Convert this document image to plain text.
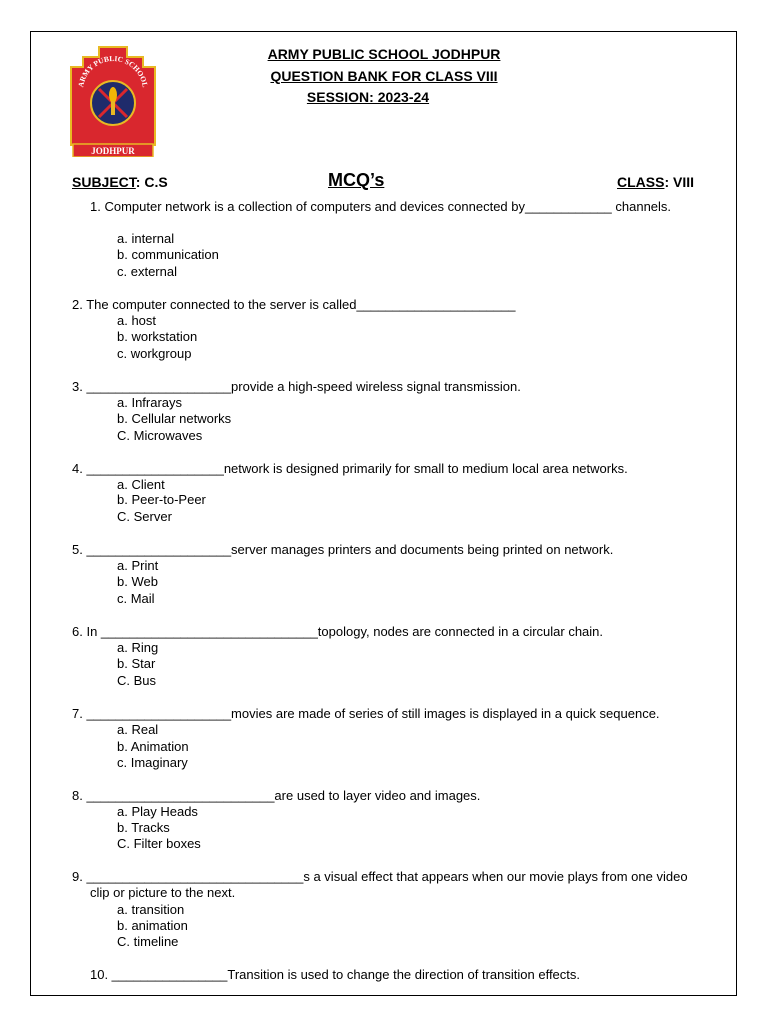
ARMY PUBLIC SCHOOL
JODHPUR
ARMY PUBLIC SCHOOL JODHPUR
QUESTION BANK FOR CLASS VIII
SESSION: 2023-24
SUBJECT: C.S	MCQ’s	CLASS: VIII
1. Computer network is a collection of computers and devices connected by____________ channels.
a. internal
b. communication
c. external
2. The computer connected to the server is called______________________
a. host
b. workstation
c. workgroup
3. ____________________provide a high-speed wireless signal transmission.
a. Infrarays
b. Cellular networks
C. Microwaves
4. ___________________network is designed primarily for small to medium local area networks.
a. Client
b. Peer-to-Peer
C. Server
5. ____________________server manages printers and documents being printed on network.
a. Print
b. Web
c. Mail
6. In ______________________________topology, nodes are connected in a circular chain.
a. Ring
b. Star
C. Bus
7. ____________________movies are made of series of still images is displayed in a quick sequence.
a. Real
b. Animation
c. Imaginary
8. __________________________are used to layer video and images.
a. Play Heads
b. Tracks
C. Filter boxes
9. ______________________________s a visual effect that appears when our movie plays from one video
clip or picture to the next.
a. transition
b. animation
C. timeline
10. ________________Transition is used to change the direction of transition effects.
